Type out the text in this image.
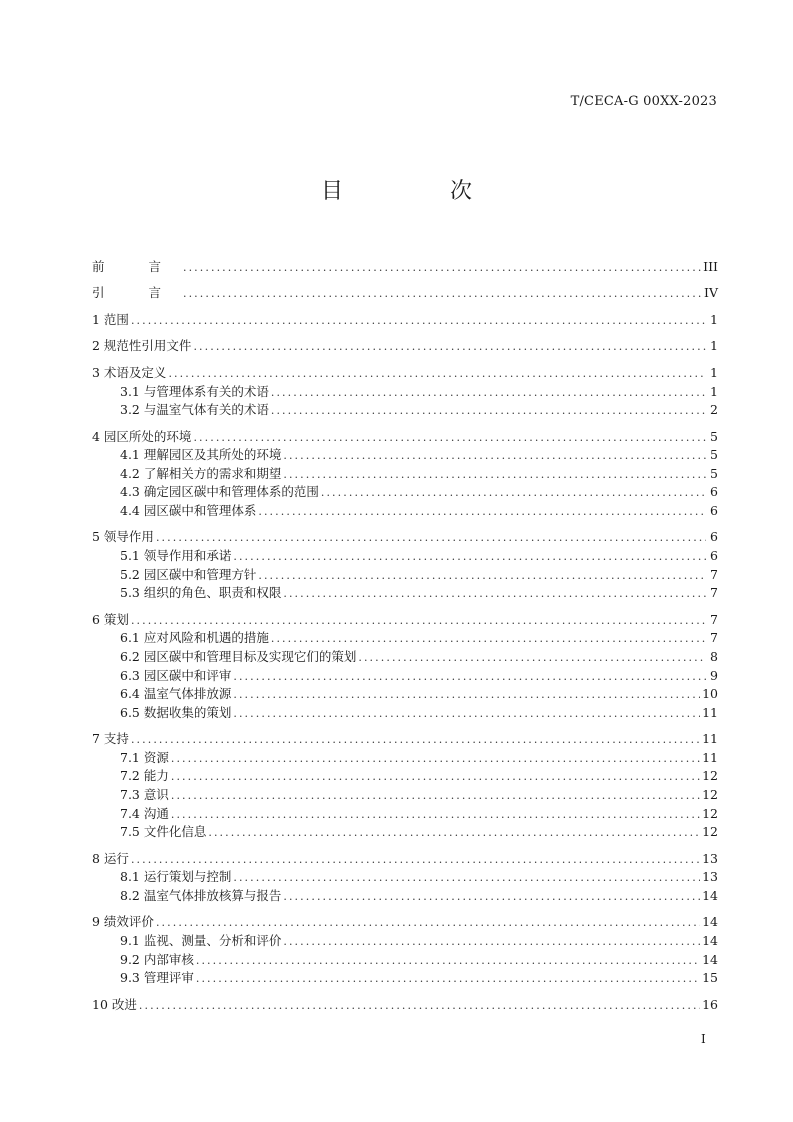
T/CECA-G 00XX-2023
目 次
前 言 .....	III
引 言 .....	IV
1 范围 .....	1
2 规范性引用文件 .....	1
3 术语及定义 .....	1
3.1 与管理体系有关的术语 .....	1
3.2 与温室气体有关的术语 .....	2
4 园区所处的环境 .....	5
4.1 理解园区及其所处的环境 .....	5
4.2 了解相关方的需求和期望 .....	5
4.3 确定园区碳中和管理体系的范围 .....	6
4.4 园区碳中和管理体系 .....	6
5 领导作用 .....	6
5.1 领导作用和承诺 .....	6
5.2 园区碳中和管理方针 .....	7
5.3 组织的角色、职责和权限 .....	7
6 策划 .....	7
6.1 应对风险和机遇的措施 .....	7
6.2 园区碳中和管理目标及实现它们的策划 .....	8
6.3 园区碳中和评审 .....	9
6.4 温室气体排放源 .....	10
6.5 数据收集的策划 .....	11
7 支持 .....	11
7.1 资源 .....	11
7.2 能力 .....	12
7.3 意识 .....	12
7.4 沟通 .....	12
7.5 文件化信息 .....	12
8 运行 .....	13
8.1 运行策划与控制 .....	13
8.2 温室气体排放核算与报告 .....	14
9 绩效评价 .....	14
9.1 监视、测量、分析和评价 .....	14
9.2 内部审核 .....	14
9.3 管理评审 .....	15
10 改进 .....	16
I
